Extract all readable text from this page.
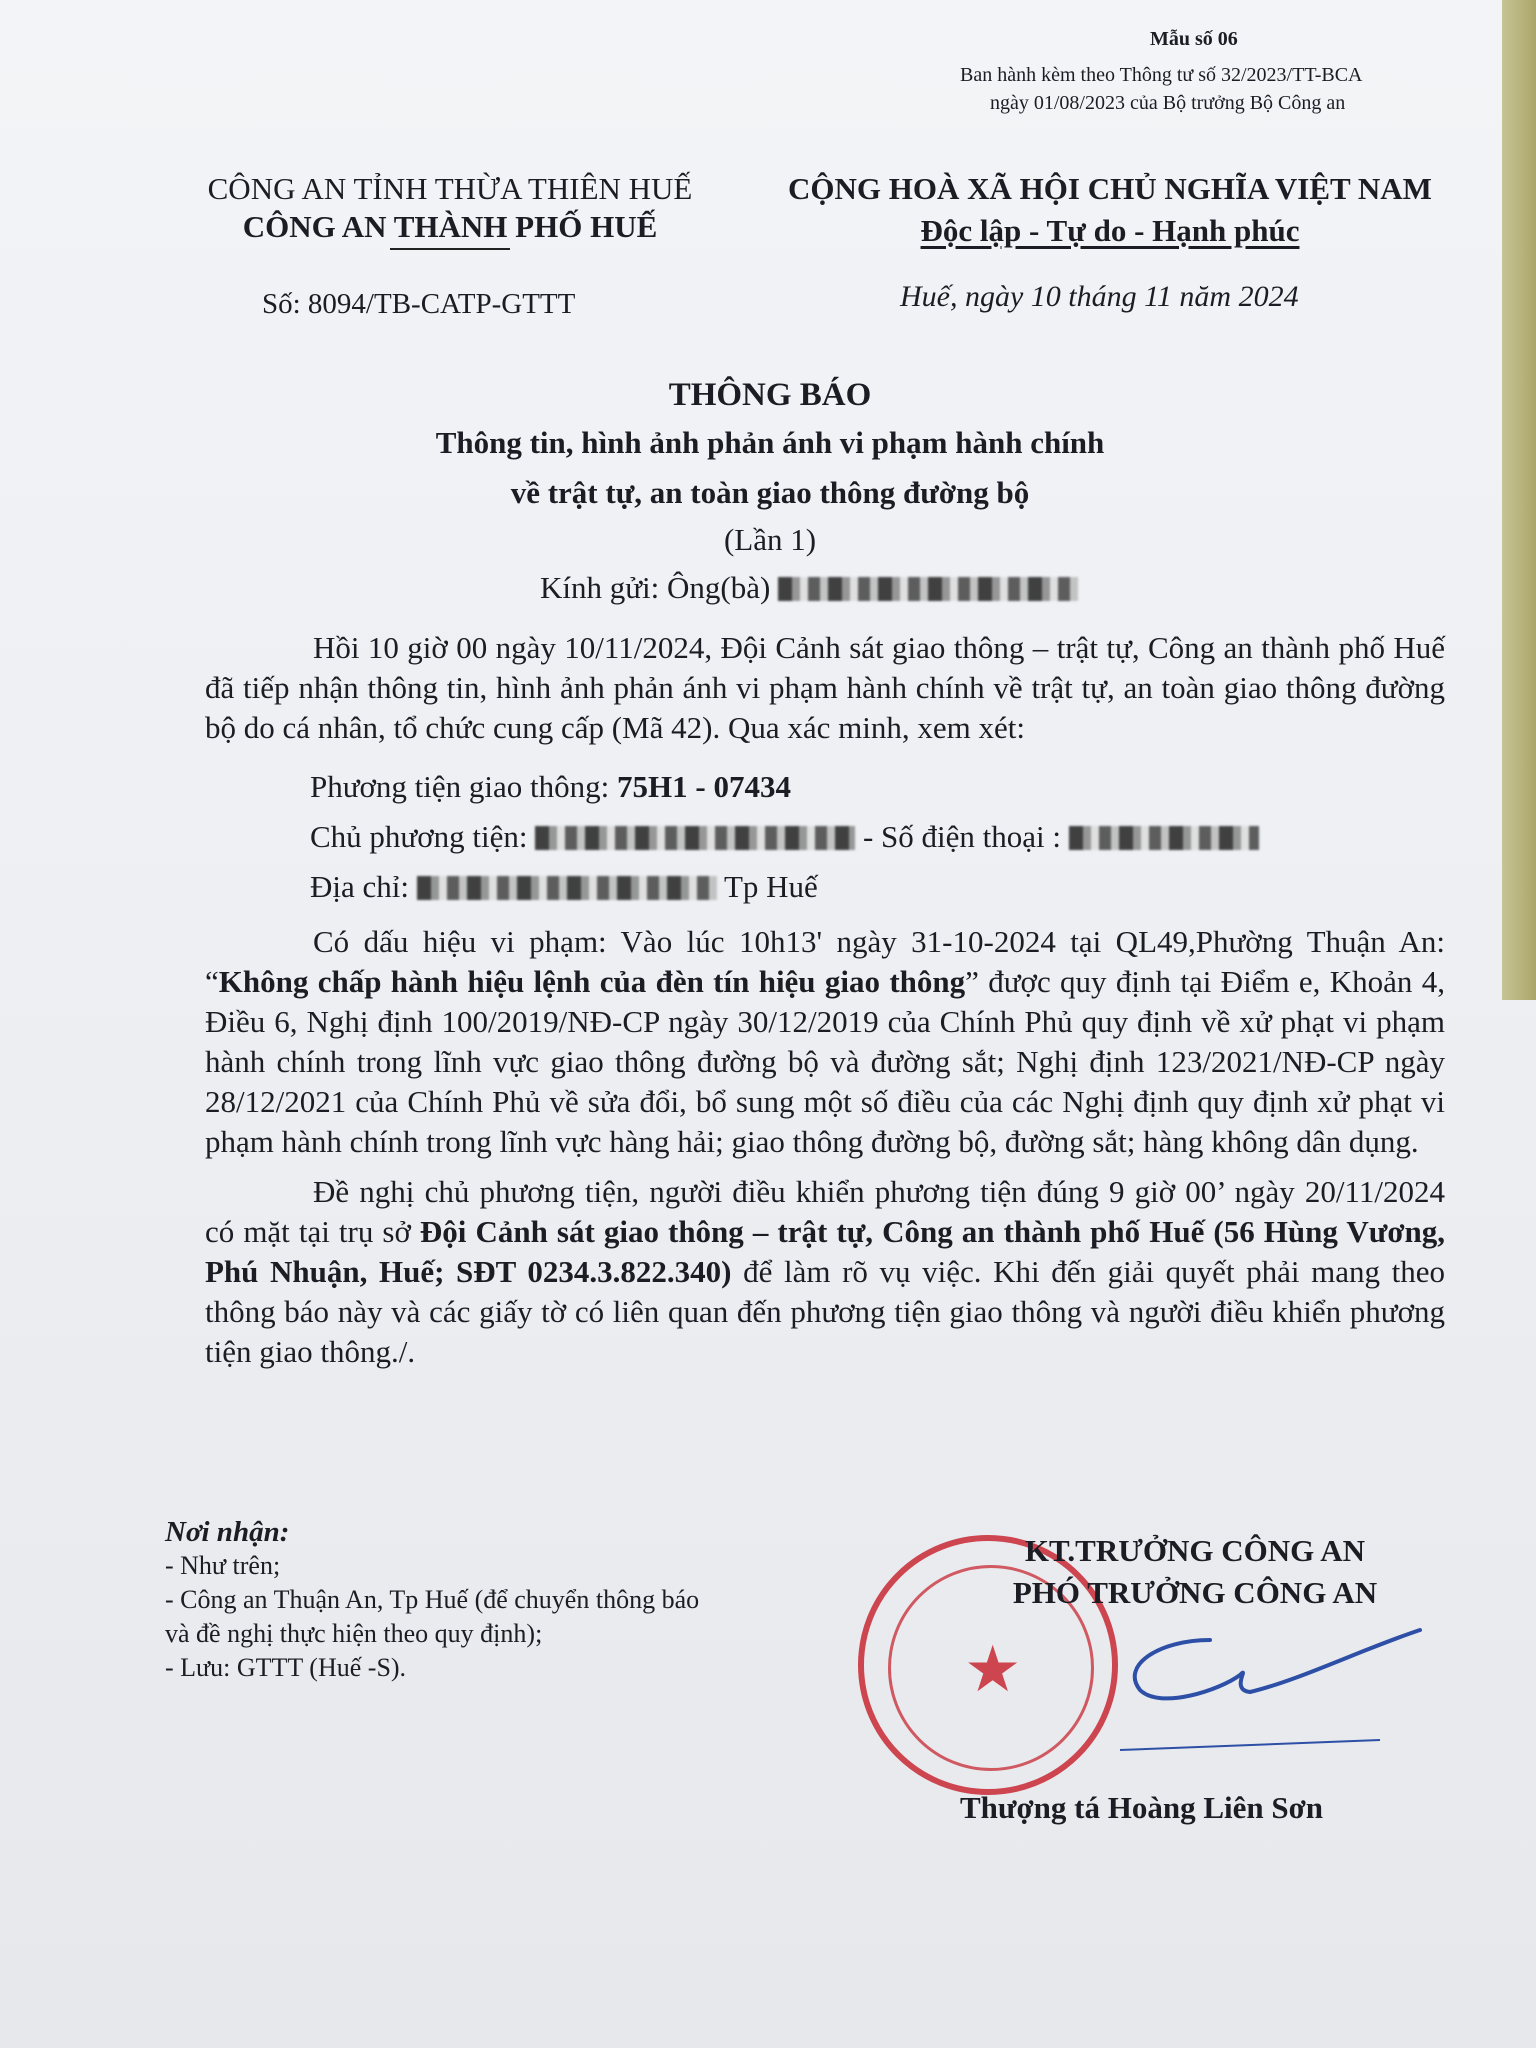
Mẫu số 06
Ban hành kèm theo Thông tư số 32/2023/TT-BCA
ngày 01/08/2023 của Bộ trưởng Bộ Công an
CÔNG AN TỈNH THỪA THIÊN HUẾ
CÔNG AN THÀNH PHỐ HUẾ
CỘNG HOÀ XÃ HỘI CHỦ NGHĨA VIỆT NAM
Độc lập - Tự do - Hạnh phúc
Số: 8094/TB-CATP-GTTT	Huế, ngày 10 tháng 11 năm 2024
THÔNG BÁO
Thông tin, hình ảnh phản ánh vi phạm hành chính
về trật tự, an toàn giao thông đường bộ
(Lần 1)
Kính gửi: Ông(bà)

Hồi 10 giờ 00 ngày 10/11/2024, Đội Cảnh sát giao thông – trật tự, Công an thành phố Huế đã tiếp nhận thông tin, hình ảnh phản ánh vi phạm hành chính về trật tự, an toàn giao thông đường bộ do cá nhân, tổ chức cung cấp (Mã 42). Qua xác minh, xem xét:

Phương tiện giao thông: 75H1 - 07434

Chủ phương tiện:	- Số điện thoại :

Địa chỉ:	Tp Huế

Có dấu hiệu vi phạm: Vào lúc 10h13' ngày 31-10-2024 tại QL49,Phường Thuận An: “Không chấp hành hiệu lệnh của đèn tín hiệu giao thông” được quy định tại Điểm e, Khoản 4, Điều 6, Nghị định 100/2019/NĐ-CP ngày 30/12/2019 của Chính Phủ quy định về xử phạt vi phạm hành chính trong lĩnh vực giao thông đường bộ và đường sắt; Nghị định 123/2021/NĐ-CP ngày 28/12/2021 của Chính Phủ về sửa đổi, bổ sung một số điều của các Nghị định quy định xử phạt vi phạm hành chính trong lĩnh vực hàng hải; giao thông đường bộ, đường sắt; hàng không dân dụng.

Đề nghị chủ phương tiện, người điều khiển phương tiện đúng 9 giờ 00’ ngày 20/11/2024 có mặt tại trụ sở Đội Cảnh sát giao thông – trật tự, Công an thành phố Huế (56 Hùng Vương, Phú Nhuận, Huế; SĐT 0234.3.822.340) để làm rõ vụ việc. Khi đến giải quyết phải mang theo thông báo này và các giấy tờ có liên quan đến phương tiện giao thông và người điều khiển phương tiện giao thông./.

Nơi nhận:
- Như trên;
- Công an Thuận An, Tp Huế (để chuyển thông báo
và đề nghị thực hiện theo quy định);
- Lưu: GTTT (Huế -S).	★
KT.TRƯỞNG CÔNG AN
PHÓ TRƯỞNG CÔNG AN
Thượng tá Hoàng Liên Sơn
